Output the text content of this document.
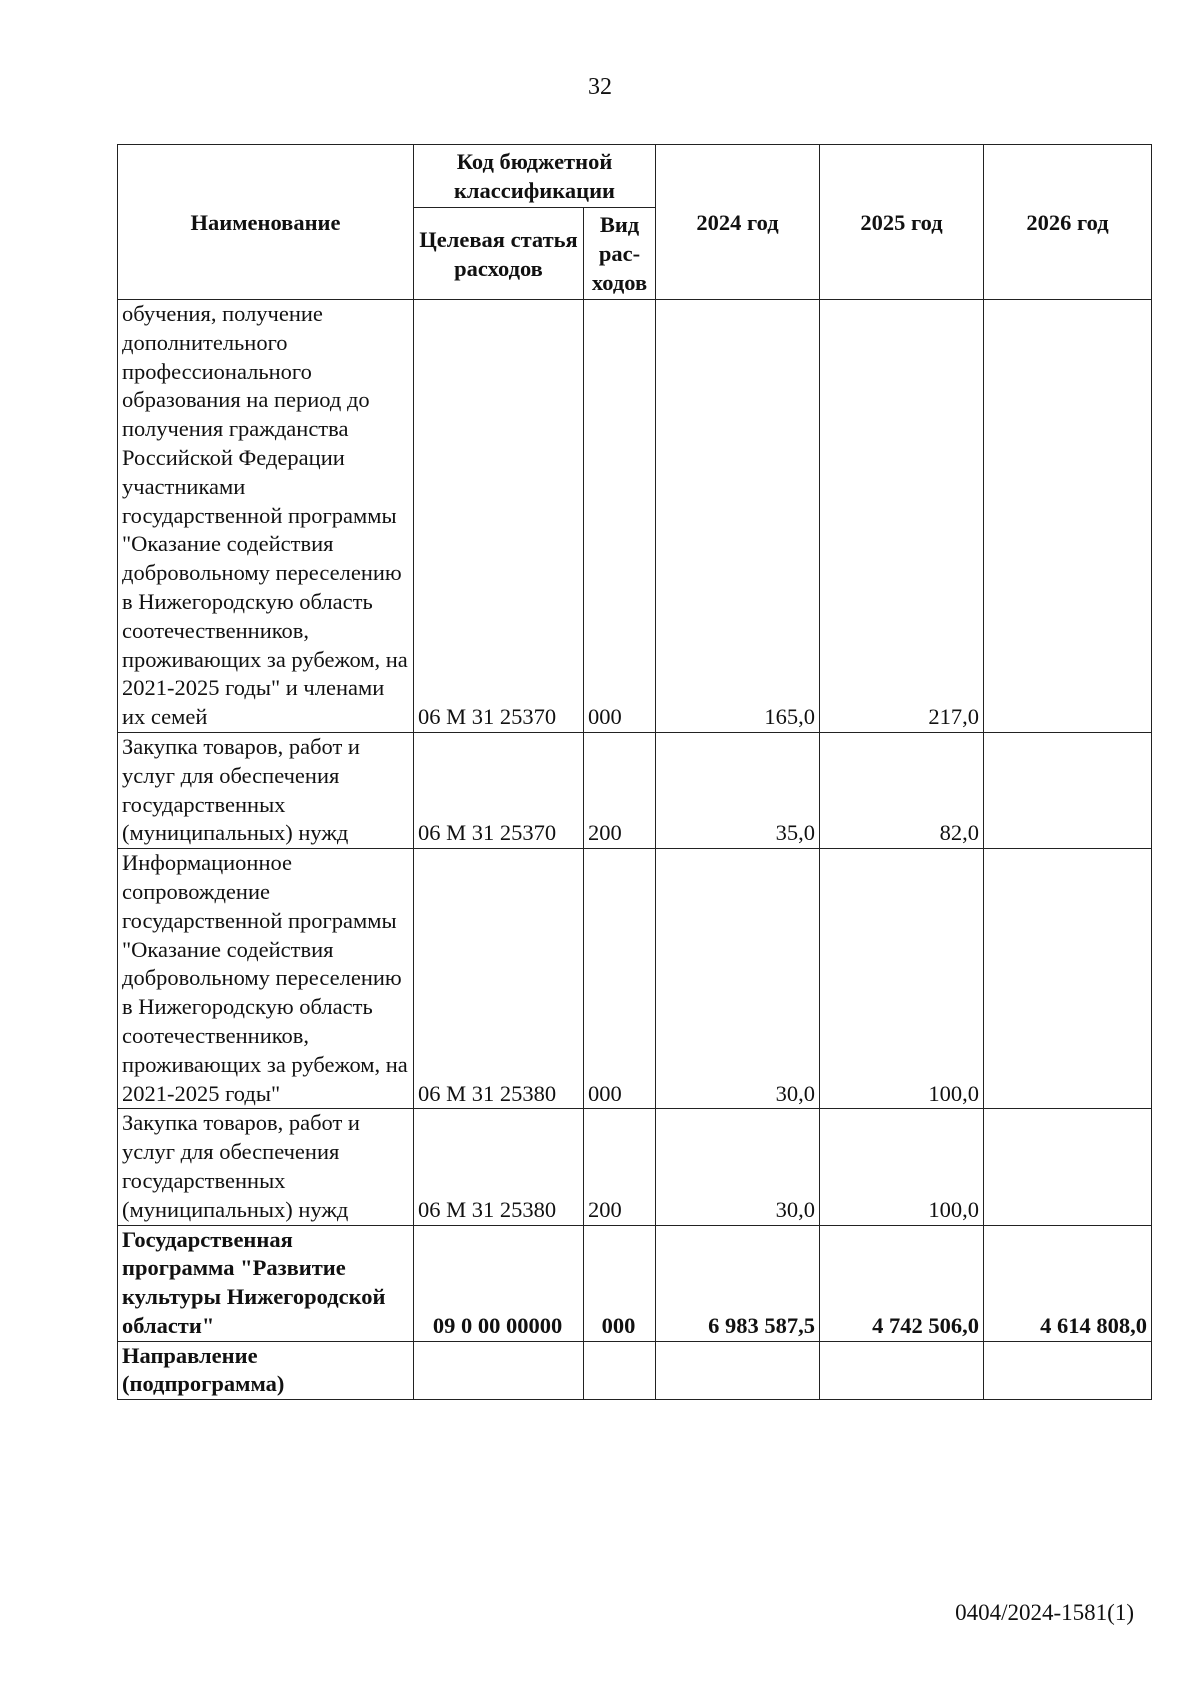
32
Наименование	Код бюджетной классификации		2024 год	2025 год	2026 год
	Целевая статья расходов	Вид рас-ходов			
обучения, получение дополнительного профессионального образования на период до получения гражданства Российской Федерации участниками государственной программы "Оказание содействия добровольному переселению в Нижегородскую область соотечественников, проживающих за рубежом, на 2021-2025 годы" и членами их семей	06 М 31 25370	000	165,0	217,0	
Закупка товаров, работ и услуг для обеспечения государственных (муниципальных) нужд	06 М 31 25370	200	35,0	82,0	
Информационное сопровождение государственной программы "Оказание содействия добровольному переселению в Нижегородскую область соотечественников, проживающих за рубежом, на 2021-2025 годы"	06 М 31 25380	000	30,0	100,0	
Закупка товаров, работ и услуг для обеспечения государственных (муниципальных) нужд	06 М 31 25380	200	30,0	100,0	
Государственная программа "Развитие культуры Нижегородской области"	09 0 00 00000	000	6 983 587,5	4 742 506,0	4 614 808,0
Направление (подпрограмма)					
0404/2024-1581(1)
